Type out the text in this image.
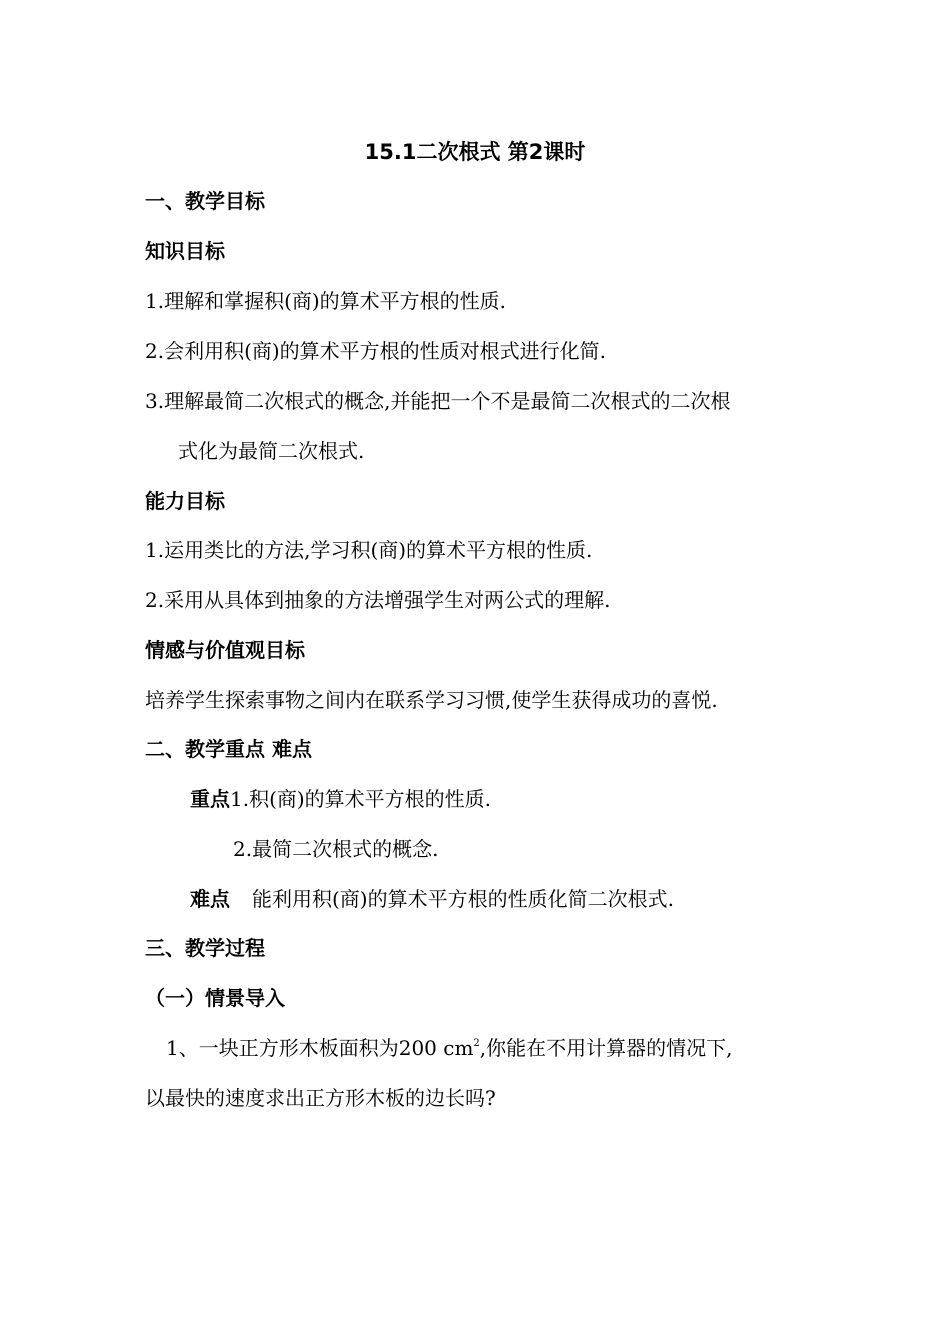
15.1二次根式 第2课时
一、教学目标
知识目标
1.理解和掌握积(商)的算术平方根的性质.
2.会利用积(商)的算术平方根的性质对根式进行化简.
3.理解最简二次根式的概念,并能把一个不是最简二次根式的二次根
式化为最简二次根式.
能力目标
1.运用类比的方法,学习积(商)的算术平方根的性质.
2.采用从具体到抽象的方法增强学生对两公式的理解.
情感与价值观目标
培养学生探索事物之间内在联系学习习惯,使学生获得成功的喜悦.
二、教学重点 难点
重点1.积(商)的算术平方根的性质.
2.最简二次根式的概念.
难点 能利用积(商)的算术平方根的性质化简二次根式.
三、教学过程
（一）情景导入
1、一块正方形木板面积为200 $cm^2$,你能在不用计算器的情况下,
以最快的速度求出正方形木板的边长吗?
